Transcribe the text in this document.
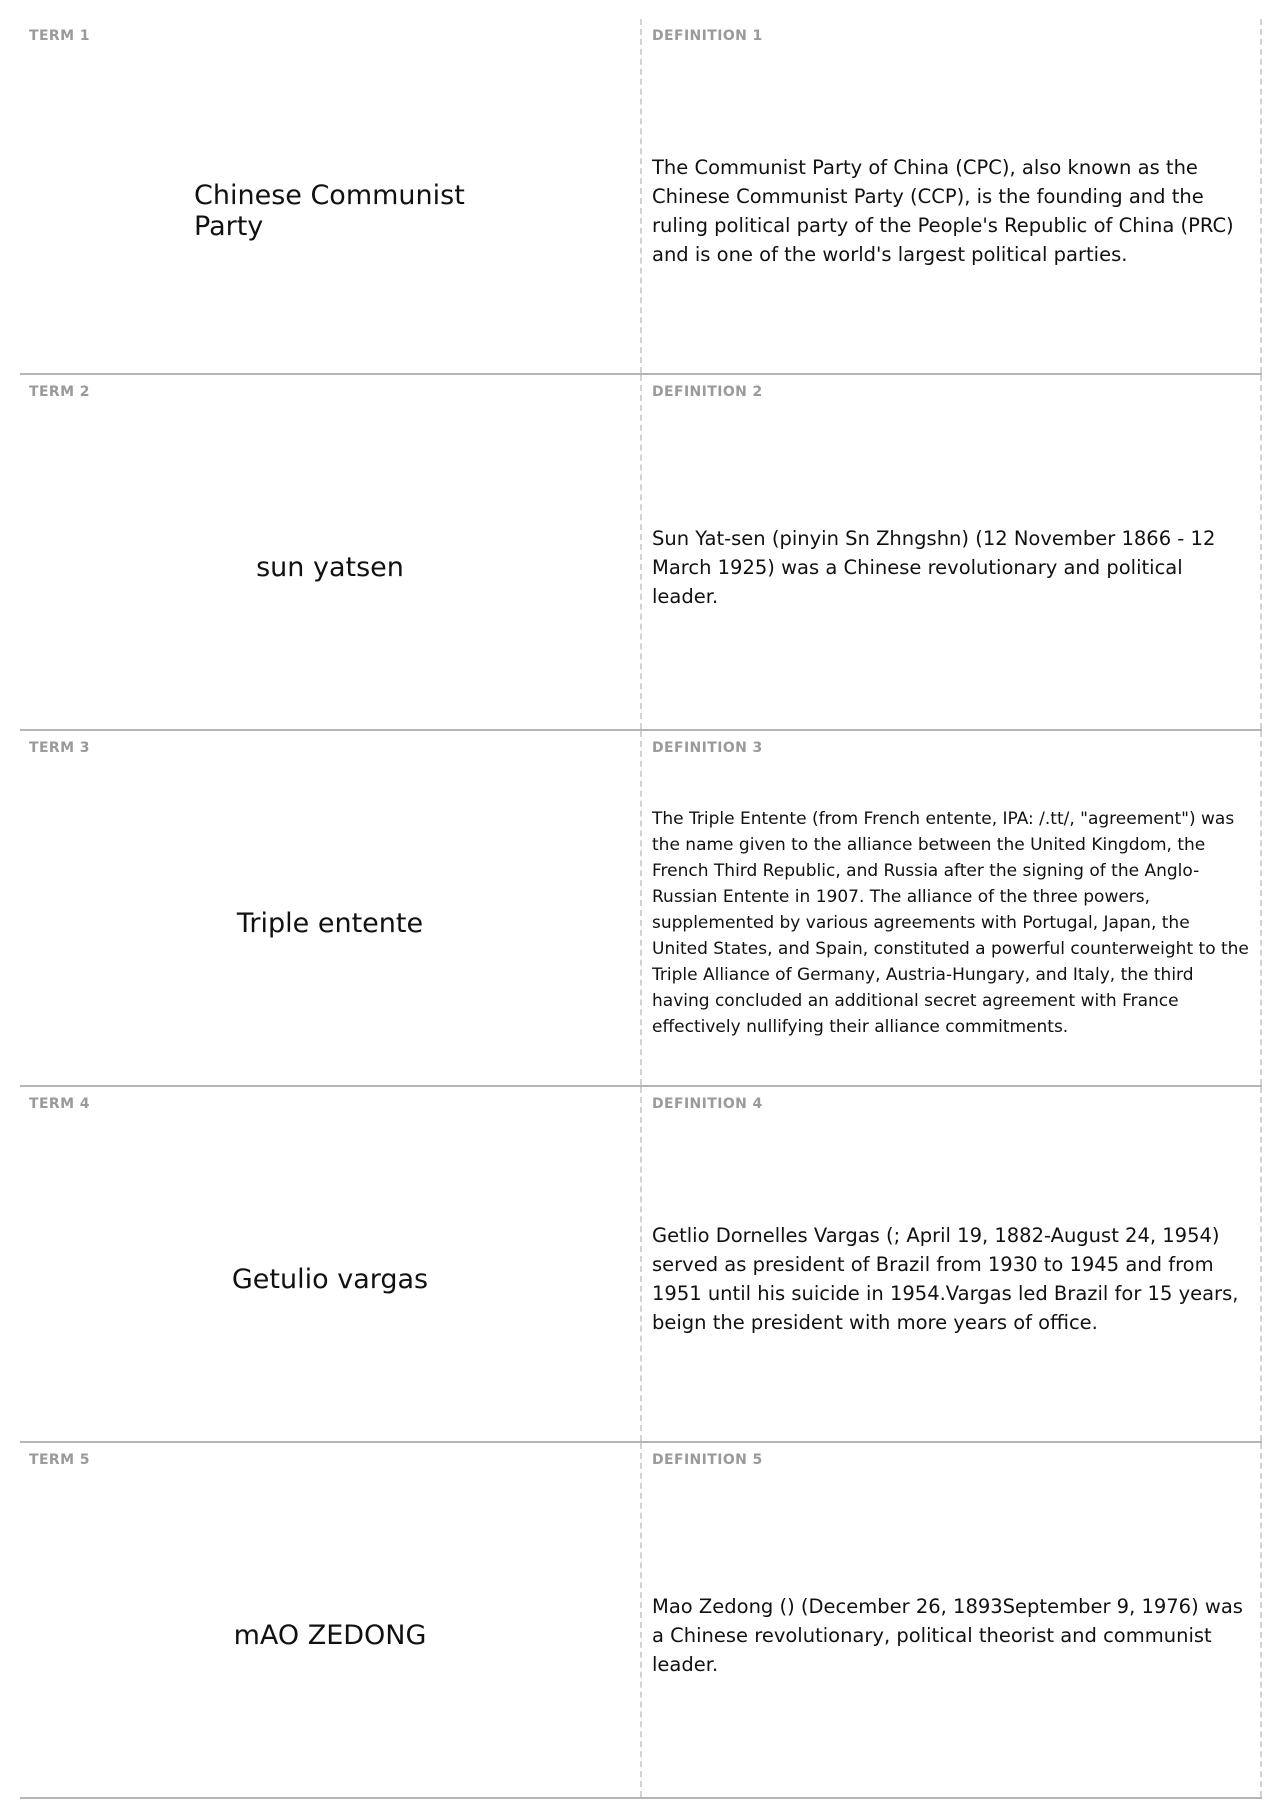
TERM 1
Chinese Communist Party
DEFINITION 1
The Communist Party of China (CPC), also known as the Chinese Communist Party (CCP), is the founding and the ruling political party of the People's Republic of China (PRC) and is one of the world's largest political parties.
TERM 2
sun yatsen
DEFINITION 2
Sun Yat-sen (pinyin Sn Zhngshn) (12 November 1866 - 12 March 1925) was a Chinese revolutionary and political leader.
TERM 3
Triple entente
DEFINITION 3
The Triple Entente (from French entente, IPA: /.tt/, "agreement") was the name given to the alliance between the United Kingdom, the French Third Republic, and Russia after the signing of the Anglo-Russian Entente in 1907. The alliance of the three powers, supplemented by various agreements with Portugal, Japan, the United States, and Spain, constituted a powerful counterweight to the Triple Alliance of Germany, Austria-Hungary, and Italy, the third having concluded an additional secret agreement with France effectively nullifying their alliance commitments.
TERM 4
Getulio vargas
DEFINITION 4
Getlio Dornelles Vargas (; April 19, 1882-August 24, 1954) served as president of Brazil from 1930 to 1945 and from 1951 until his suicide in 1954.Vargas led Brazil for 15 years, beign the president with more years of office.
TERM 5
mAO ZEDONG
DEFINITION 5
Mao Zedong () (December 26, 1893September 9, 1976) was a Chinese revolutionary, political theorist and communist leader.
